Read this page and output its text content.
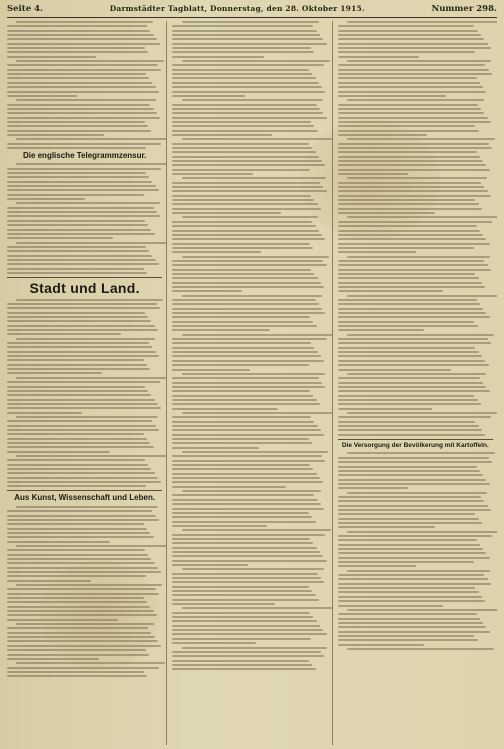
Seite 4.	Darmstädter Tagblatt, Donnerstag, den 28. Oktober 1915.	Nummer 298.
Die englische Telegrammzensur.
Stadt und Land.
Aus Kunst, Wissenschaft und Leben.
Die Versorgung der Bevölkerung mit Kartoffeln.
